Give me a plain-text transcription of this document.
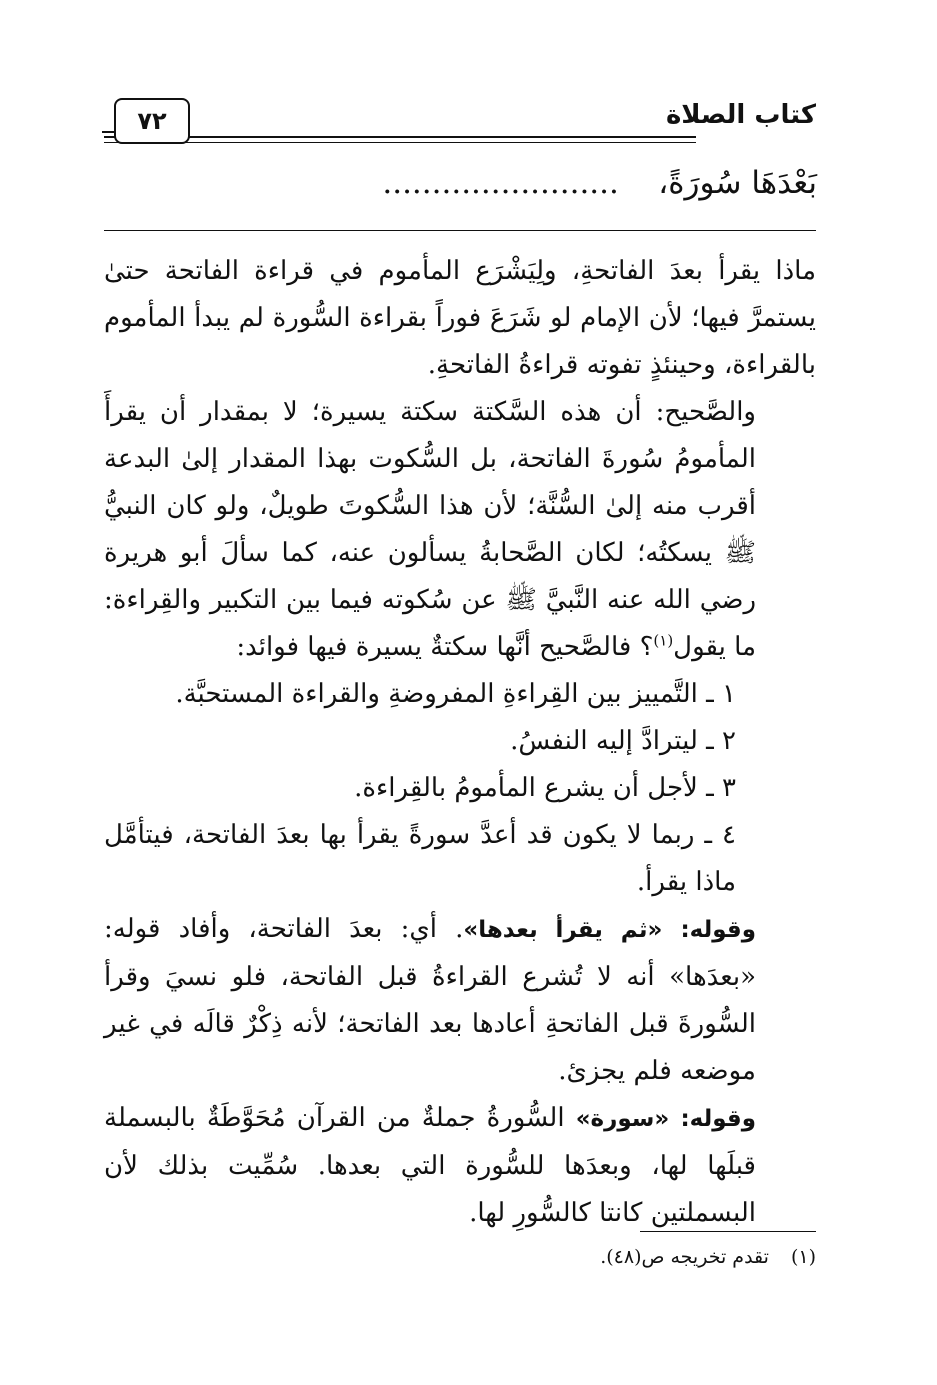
كتاب الصلاة
٧٢
بَعْدَهَا سُورَةً،    ........................

ماذا يقرأ بعدَ الفاتحةِ، ولِيَشْرَع المأموم في قراءة الفاتحة حتىٰ يستمرَّ فيها؛ لأن الإمام لو شَرَعَ فوراً بقراءة السُّورة لم يبدأ المأموم بالقراءة، وحينئذٍ تفوته قراءةُ الفاتحةِ.

والصَّحيح: أن هذه السَّكتة سكتة يسيرة؛ لا بمقدار أن يقرأَ المأمومُ سُورةَ الفاتحة، بل السُّكوت بهذا المقدار إلىٰ البدعة أقرب منه إلىٰ السُّنَّة؛ لأن هذا السُّكوتَ طويلٌ، ولو كان النبيُّ ﷺ يسكتُه؛ لكان الصَّحابةُ يسألون عنه، كما سألَ أبو هريرة رضي الله عنه النَّبيَّ ﷺ عن سُكوته فيما بين التكبير والقِراءة: ما يقول$^{(١)}$؟ فالصَّحيح أنَّها سكتةٌ يسيرة فيها فوائد:

١ ـ التَّمييز بين القِراءةِ المفروضةِ والقراءة المستحبَّة.

٢ ـ ليترادَّ إليه النفسُ.

٣ ـ لأجل أن يشرع المأمومُ بالقِراءة.

٤ ـ ربما لا يكون قد أعدَّ سورةً يقرأ بها بعدَ الفاتحة، فيتأمَّل ماذا يقرأ.

وقوله: «ثم يقرأ بعدها». أي: بعدَ الفاتحة، وأفاد قوله: «بعدَها» أنه لا تُشرع القراءةُ قبل الفاتحة، فلو نسيَ وقرأ السُّورةَ قبل الفاتحةِ أعادها بعد الفاتحة؛ لأنه ذِكْرٌ قالَه في غير موضعه فلم يجزئ.

وقوله: «سورة» السُّورةُ جملةٌ من القرآن مُحَوَّطَةٌ بالبسملة قبلَها لها، وبعدَها للسُّورة التي بعدها. سُمِّيت بذلك لأن البسملتين كانتا كالسُّورِ لها.

(١)تقدم تخريجه ص(٤٨).
